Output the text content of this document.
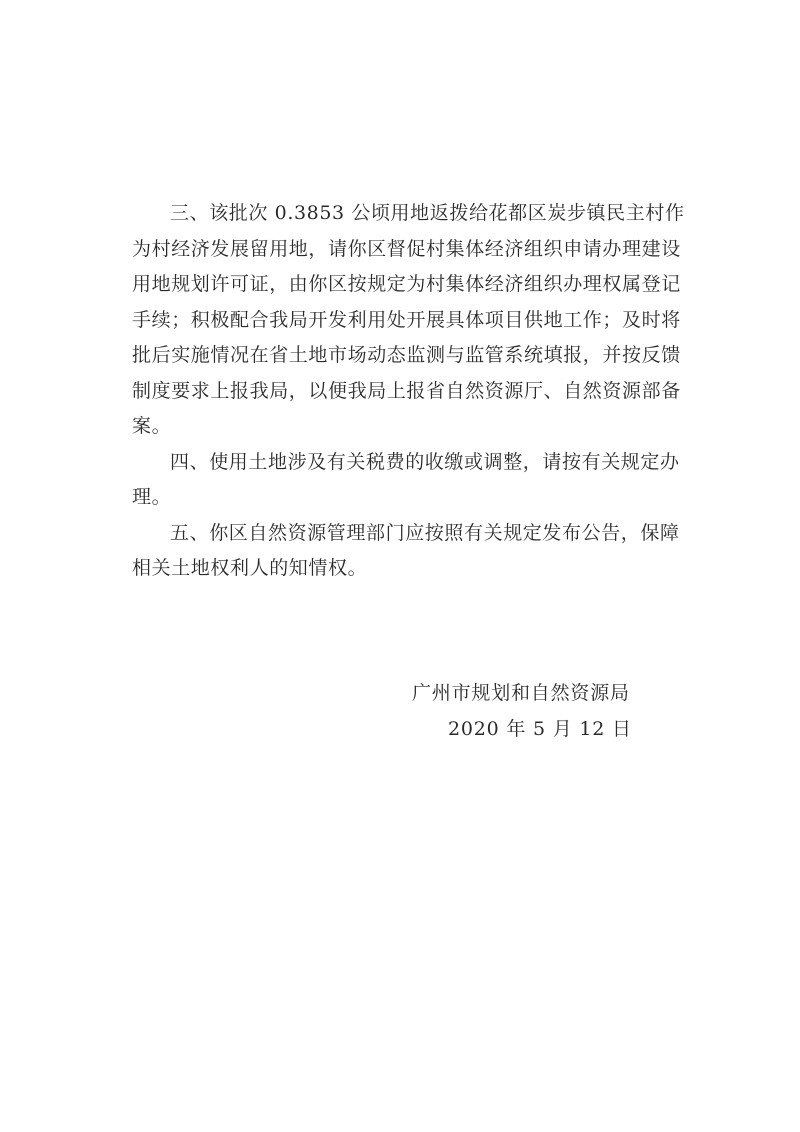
三、该批次 0.3853 公顷用地返拨给花都区炭步镇民主村作
为村经济发展留用地，请你区督促村集体经济组织申请办理建设
用地规划许可证，由你区按规定为村集体经济组织办理权属登记
手续；积极配合我局开发利用处开展具体项目供地工作；及时将
批后实施情况在省土地市场动态监测与监管系统填报，并按反馈
制度要求上报我局，以便我局上报省自然资源厅、自然资源部备
案。
四、使用土地涉及有关税费的收缴或调整，请按有关规定办
理。
五、你区自然资源管理部门应按照有关规定发布公告，保障
相关土地权利人的知情权。
广州市规划和自然资源局
2020 年 5 月 12 日
